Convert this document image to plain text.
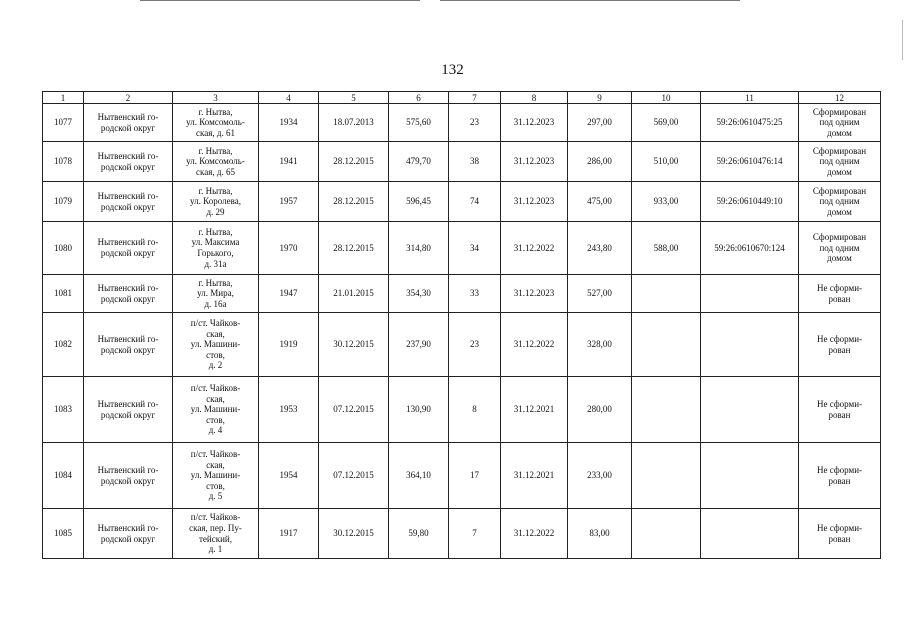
132
1	2	3	4	5	6	7	8	9	10	11	12
1077	Нытвенский го-
родской округ	г. Нытва,
ул. Комсомоль-
ская, д. 61	1934	18.07.2013	575,60	23	31.12.2023	297,00	569,00	59:26:0610475:25	Сформирован
под одним
домом

1078	Нытвенский го-
родской округ	г. Нытва,
ул. Комсомоль-
ская, д. 65	1941	28.12.2015	479,70	38	31.12.2023	286,00	510,00	59:26:0610476:14	Сформирован
под одним
домом

1079	Нытвенский го-
родской округ	г. Нытва,
ул. Королева,
д. 29	1957	28.12.2015	596,45	74	31.12.2023	475,00	933,00	59:26:0610449:10	Сформирован
под одним
домом

1080	Нытвенский го-
родской округ	г. Нытва,
ул. Максима
Горького,
д. 31а	1970	28.12.2015	314,80	34	31.12.2022	243,80	588,00	59:26:0610670:124	Сформирован
под одним
домом

1081	Нытвенский го-
родской округ	г. Нытва,
ул. Мира,
д. 16а	1947	21.01.2015	354,30	33	31.12.2023	527,00			Не сформи-
рован

1082	Нытвенский го-
родской округ	п/ст. Чайков-
ская,
ул. Машини-
стов,
д. 2	1919	30.12.2015	237,90	23	31.12.2022	328,00			Не сформи-
рован

1083	Нытвенский го-
родской округ	п/ст. Чайков-
ская,
ул. Машини-
стов,
д. 4	1953	07.12.2015	130,90	8	31.12.2021	280,00			Не сформи-
рован

1084	Нытвенский го-
родской округ	п/ст. Чайков-
ская,
ул. Машини-
стов,
д. 5	1954	07.12.2015	364,10	17	31.12.2021	233,00			Не сформи-
рован

1085	Нытвенский го-
родской округ	п/ст. Чайков-
ская, пер. Пу-
тейский,
д. 1	1917	30.12.2015	59,80	7	31.12.2022	83,00			Не сформи-
рован
